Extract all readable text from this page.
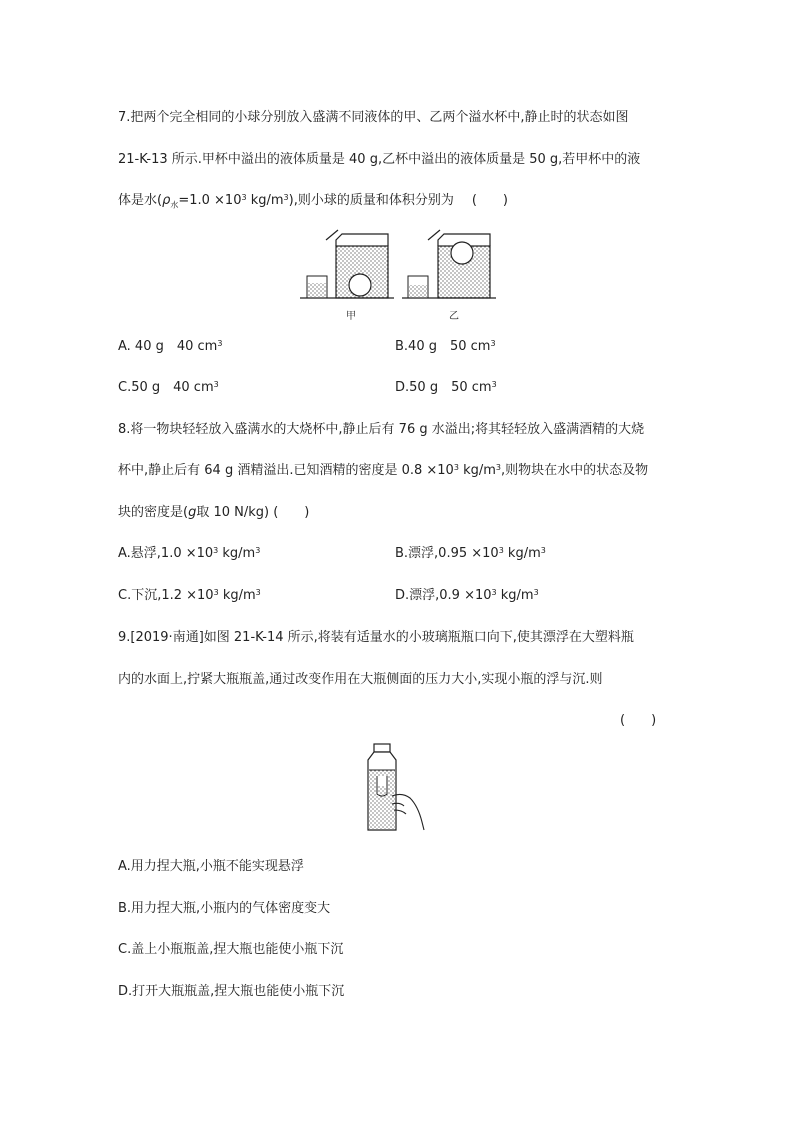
7.把两个完全相同的小球分别放入盛满不同液体的甲、乙两个溢水杯中,静止时的状态如图
21-K-13 所示.甲杯中溢出的液体质量是 40 g,乙杯中溢出的液体质量是 50 g,若甲杯中的液
体是水($\rho_水=1.0 \times 10^3$ $kg/m^3$),则小球的质量和体积分别为 (　　)
甲	乙
A. 40 g　40 $cm^3$	B.40 g　50 $cm^3$
C.50 g　40 $cm^3$	D.50 g　50 $cm^3$
8.将一物块轻轻放入盛满水的大烧杯中,静止后有 76 g 水溢出;将其轻轻放入盛满酒精的大烧
杯中,静止后有 64 g 酒精溢出.已知酒精的密度是 $0.8 \times 10^3$ $kg/m^3$,则物块在水中的状态及物
块的密度是(g取 10 N/kg) (　　)
A.悬浮$,1.0 \times 10^3$ $kg/m^3$	B.漂浮$,0.95 \times 10^3$ $kg/m^3$
C.下沉$,1.2 \times 10^3$ $kg/m^3$	D.漂浮$,0.9 \times 10^3$ $kg/m^3$
9.[2019·南通]如图 21-K-14 所示,将装有适量水的小玻璃瓶瓶口向下,使其漂浮在大塑料瓶
内的水面上,拧紧大瓶瓶盖,通过改变作用在大瓶侧面的压力大小,实现小瓶的浮与沉.则
(　　)
A.用力捏大瓶,小瓶不能实现悬浮
B.用力捏大瓶,小瓶内的气体密度变大
C.盖上小瓶瓶盖,捏大瓶也能使小瓶下沉
D.打开大瓶瓶盖,捏大瓶也能使小瓶下沉
